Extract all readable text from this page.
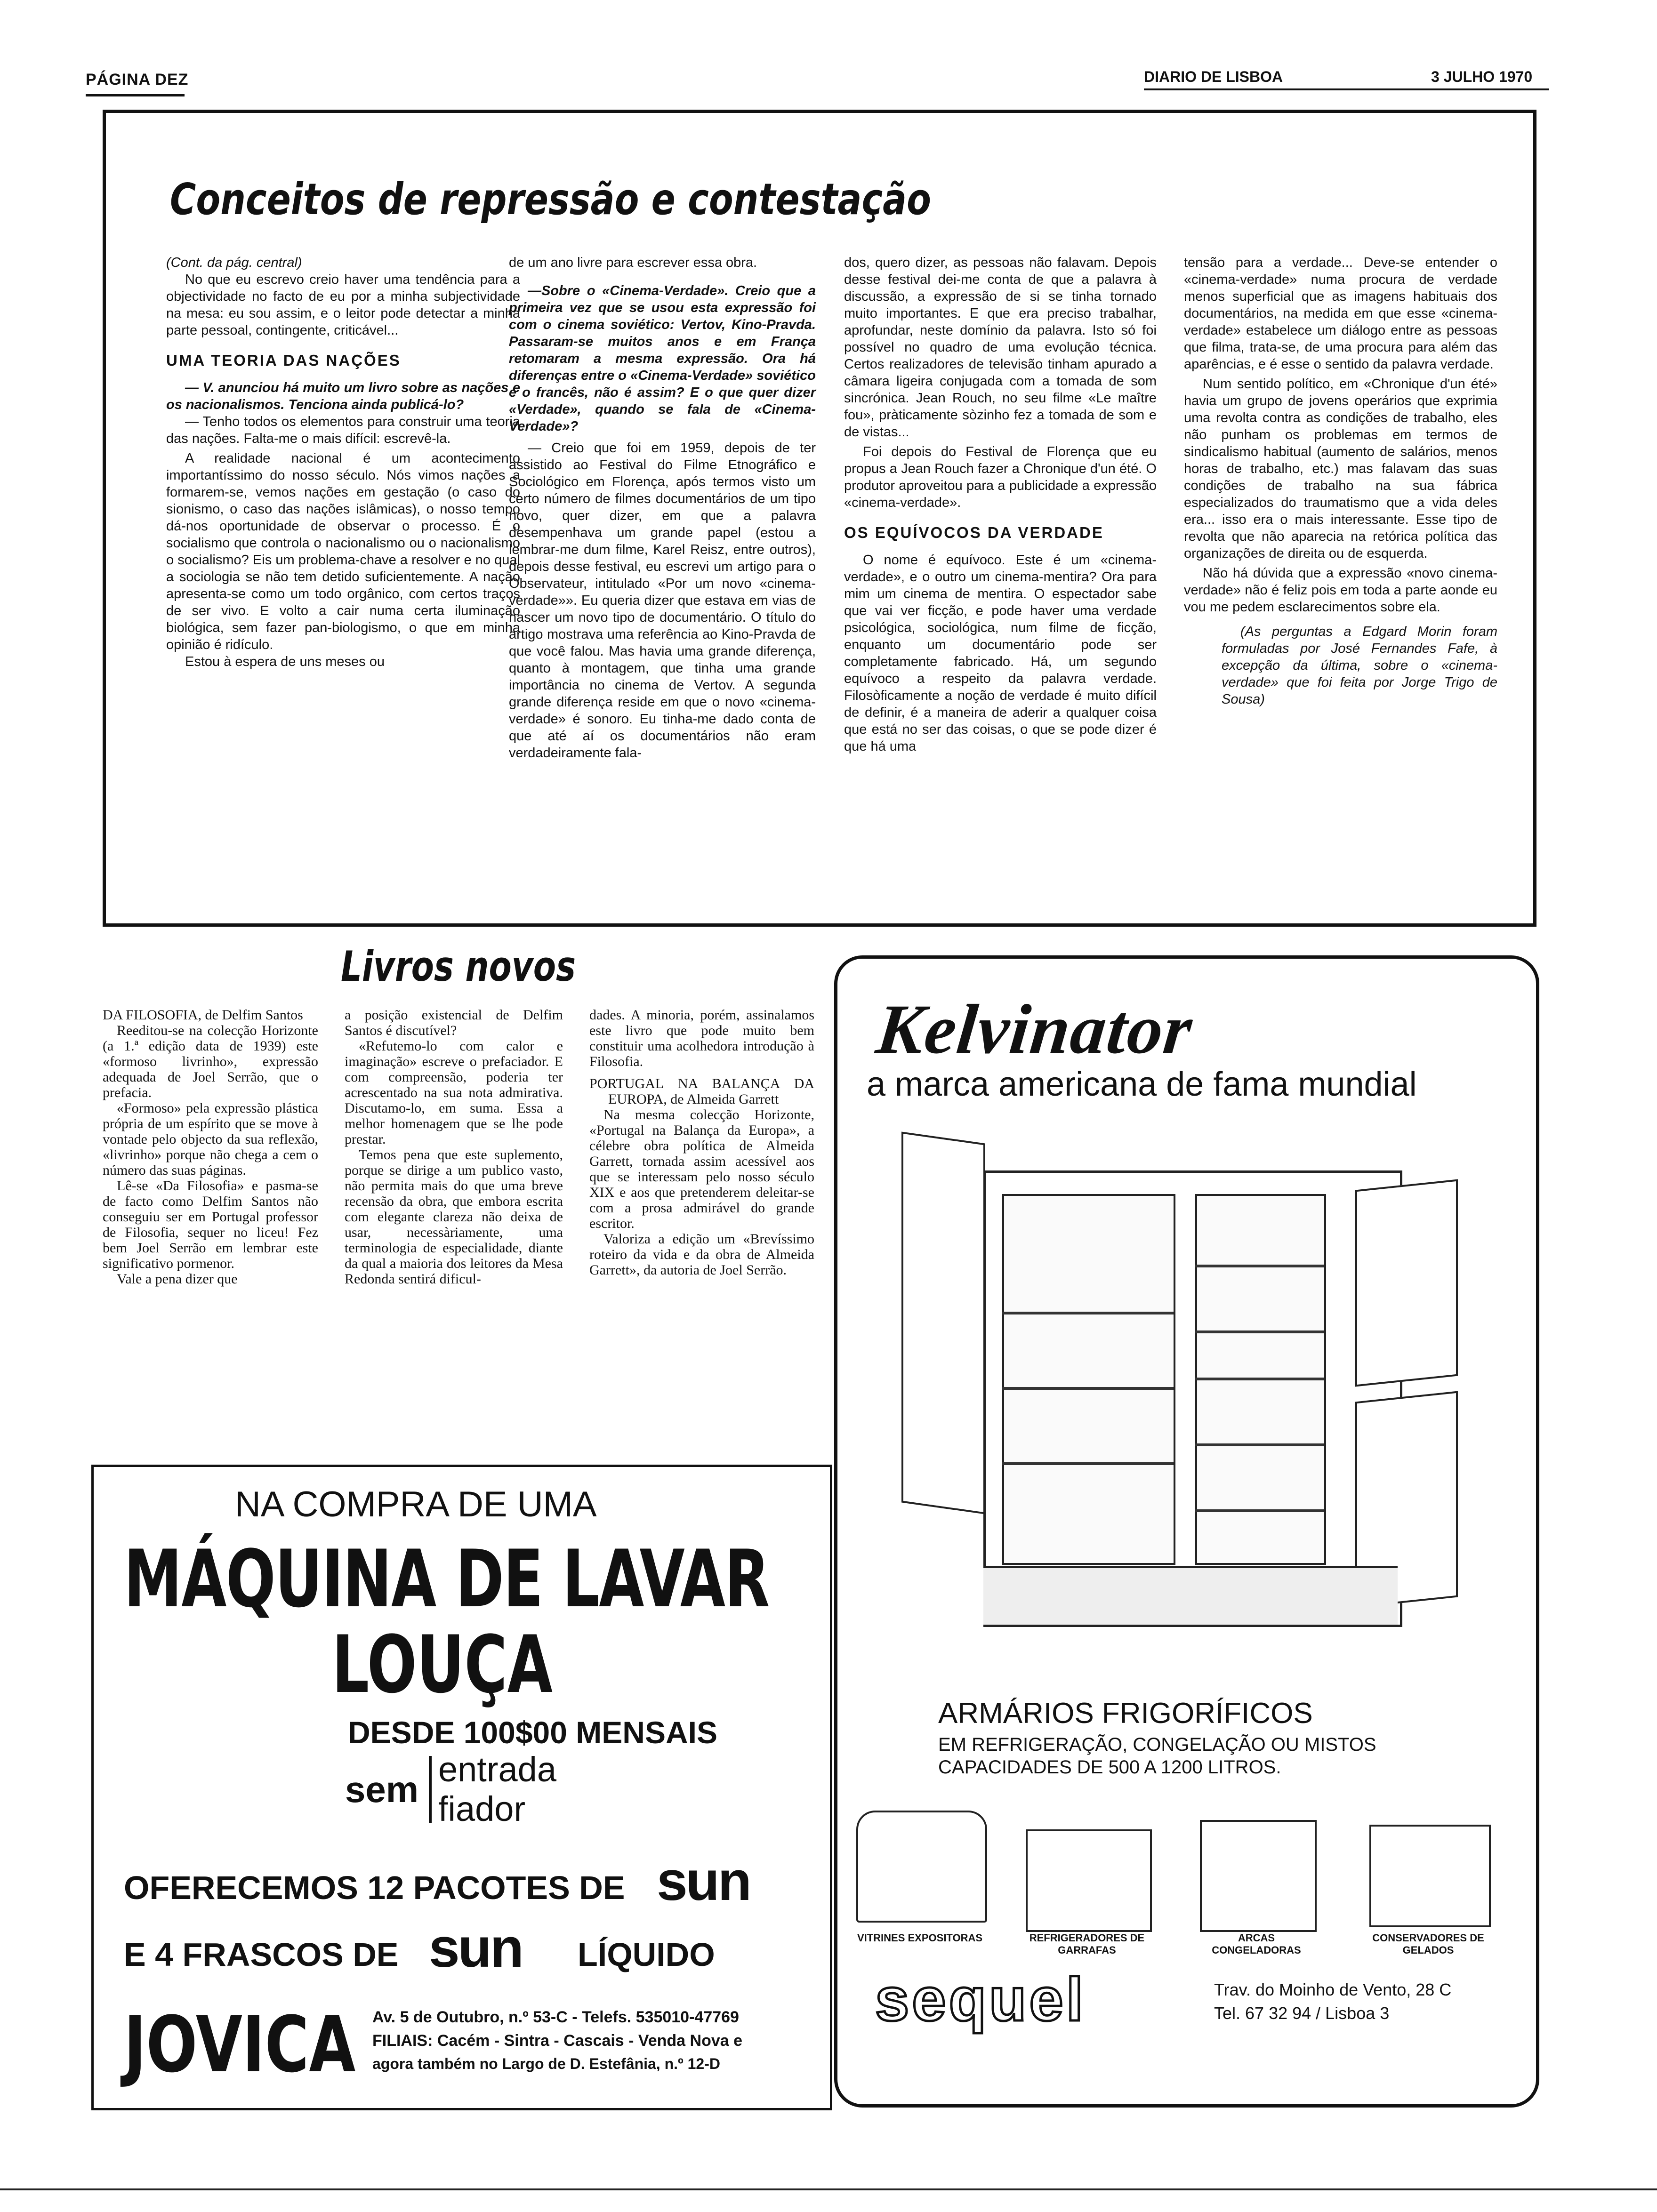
PÁGINA DEZ	DIARIO DE LISBOA	3 JULHO 1970
Conceitos de repressão e contestação

(Cont. da pág. central)

No que eu escrevo creio haver uma tendência para a objectividade no facto de eu por a minha subjectividade na mesa: eu sou assim, e o leitor pode detectar a minha parte pessoal, contingente, criticável...

UMA TEORIA DAS NAÇÕES

— V. anunciou há muito um livro sobre as nações e os nacionalismos. Tenciona ainda publicá-lo?

— Tenho todos os elementos para construir uma teoria das nações. Falta-me o mais difícil: escrevê-la.

A realidade nacional é um acontecimento importantíssimo do nosso século. Nós vimos nações a formarem-se, vemos nações em gestação (o caso do sionismo, o caso das nações islâmicas), o nosso tempo dá-nos oportunidade de observar o processo. É o socialismo que controla o nacionalismo ou o nacionalismo o socialismo? Eis um problema-chave a resolver e no qual a sociologia se não tem detido suficientemente. A nação apresenta-se como um todo orgânico, com certos traços de ser vivo. E volto a cair numa certa iluminação biológica, sem fazer pan-biologismo, o que em minha opinião é ridículo.

Estou à espera de uns meses ou

de um ano livre para escrever essa obra.

—Sobre o «Cinema-Verdade». Creio que a primeira vez que se usou esta expressão foi com o cinema soviético: Vertov, Kino-Pravda. Passaram-se muitos anos e em França retomaram a mesma expressão. Ora há diferenças entre o «Cinema-Verdade» soviético e o francês, não é assim? E o que quer dizer «Verdade», quando se fala de «Cinema-Verdade»?

— Creio que foi em 1959, depois de ter assistido ao Festival do Filme Etnográfico e Sociológico em Florença, após termos visto um certo número de filmes documentários de um tipo novo, quer dizer, em que a palavra desempenhava um grande papel (estou a lembrar-me dum filme, Karel Reisz, entre outros), depois desse festival, eu escrevi um artigo para o Observateur, intitulado «Por um novo «cinema-verdade»». Eu queria dizer que estava em vias de nascer um novo tipo de documentário. O título do artigo mostrava uma referência ao Kino-Pravda de que você falou. Mas havia uma grande diferença, quanto à montagem, que tinha uma grande importância no cinema de Vertov. A segunda grande diferença reside em que o novo «cinema-verdade» é sonoro. Eu tinha-me dado conta de que até aí os documentários não eram verdadeiramente fala-

dos, quero dizer, as pessoas não falavam. Depois desse festival dei-me conta de que a palavra à discussão, a expressão de si se tinha tornado muito importantes. E que era preciso trabalhar, aprofundar, neste domínio da palavra. Isto só foi possível no quadro de uma evolução técnica. Certos realizadores de televisão tinham apurado a câmara ligeira conjugada com a tomada de som sincrónica. Jean Rouch, no seu filme «Le maître fou», pràticamente sòzinho fez a tomada de som e de vistas...

Foi depois do Festival de Florença que eu propus a Jean Rouch fazer a Chronique d'un été. O produtor aproveitou para a publicidade a expressão «cinema-verdade».

OS EQUÍVOCOS DA VERDADE

O nome é equívoco. Este é um «cinema-verdade», e o outro um cinema-mentira? Ora para mim um cinema de mentira. O espectador sabe que vai ver ficção, e pode haver uma verdade psicológica, sociológica, num filme de ficção, enquanto um documentário pode ser completamente fabricado. Há, um segundo equívoco a respeito da palavra verdade. Filosòficamente a noção de verdade é muito difícil de definir, é a maneira de aderir a qualquer coisa que está no ser das coisas, o que se pode dizer é que há uma

tensão para a verdade... Deve-se entender o «cinema-verdade» numa procura de verdade menos superficial que as imagens habituais dos documentários, na medida em que esse «cinema-verdade» estabelece um diálogo entre as pessoas que filma, trata-se, de uma procura para além das aparências, e é esse o sentido da palavra verdade.

Num sentido político, em «Chronique d'un été» havia um grupo de jovens operários que exprimia uma revolta contra as condições de trabalho, eles não punham os problemas em termos de sindicalismo habitual (aumento de salários, menos horas de trabalho, etc.) mas falavam das suas condições de trabalho na sua fábrica especializados do traumatismo que a vida deles era... isso era o mais interessante. Esse tipo de revolta que não aparecia na retórica política das organizações de direita ou de esquerda.

Não há dúvida que a expressão «novo cinema-verdade» não é feliz pois em toda a parte aonde eu vou me pedem esclarecimentos sobre ela.

(As perguntas a Edgard Morin foram formuladas por José Fernandes Fafe, à excepção da última, sobre o «cinema-verdade» que foi feita por Jorge Trigo de Sousa)

Livros novos

DA FILOSOFIA, de Delfim Santos

Reeditou-se na colecção Horizonte (a 1.ª edição data de 1939) este «formoso livrinho», expressão adequada de Joel Serrão, que o prefacia.

«Formoso» pela expressão plástica própria de um espírito que se move à vontade pelo objecto da sua reflexão, «livrinho» porque não chega a cem o número das suas páginas.

Lê-se «Da Filosofia» e pasma-se de facto como Delfim Santos não conseguiu ser em Portugal professor de Filosofia, sequer no liceu! Fez bem Joel Serrão em lembrar este significativo pormenor.

Vale a pena dizer que

a posição existencial de Delfim Santos é discutível?

«Refutemo-lo com calor e imaginação» escreve o prefaciador. E com compreensão, poderia ter acrescentado na sua nota admirativa. Discutamo-lo, em suma. Essa a melhor homenagem que se lhe pode prestar.

Temos pena que este suplemento, porque se dirige a um publico vasto, não permita mais do que uma breve recensão da obra, que embora escrita com elegante clareza não deixa de usar, necessàriamente, uma terminologia de especialidade, diante da qual a maioria dos leitores da Mesa Redonda sentirá dificul-

dades. A minoria, porém, assinalamos este livro que pode muito bem constituir uma acolhedora introdução à Filosofia.

PORTUGAL NA BALANÇA DA EUROPA, de Almeida Garrett

Na mesma colecção Horizonte, «Portugal na Balança da Europa», a célebre obra política de Almeida Garrett, tornada assim acessível aos que se interessam pelo nosso século XIX e aos que pretenderem deleitar-se com a prosa admirável do grande escritor.

Valoriza a edição um «Brevíssimo roteiro da vida e da obra de Almeida Garrett», da autoria de Joel Serrão.

NA COMPRA DE UMA
MÁQUINA DE LAVAR
LOUÇA
DESDE 100$00 MENSAIS
sem entrada
fiador
OFERECEMOS 12 PACOTES DE sun
E 4 FRASCOS DE sun LÍQUIDO
JOVICA Av. 5 de Outubro, n.º 53-C - Telefs. 535010-47769
FILIAIS: Cacém - Sintra - Cascais - Venda Nova e
agora também no Largo de D. Estefânia, n.º 12-D
Kelvinator
a marca americana de fama mundial
ARMÁRIOS FRIGORÍFICOS
EM REFRIGERAÇÃO, CONGELAÇÃO OU MISTOS
CAPACIDADES DE 500 A 1200 LITROS.
VITRINES EXPOSITORAS	REFRIGERADORES DE GARRAFAS
ARCAS CONGELADORAS
CONSERVADORES DE GELADOS
sequel	Trav. do Moinho de Vento, 28 C
Tel. 67 32 94 / Lisboa 3
